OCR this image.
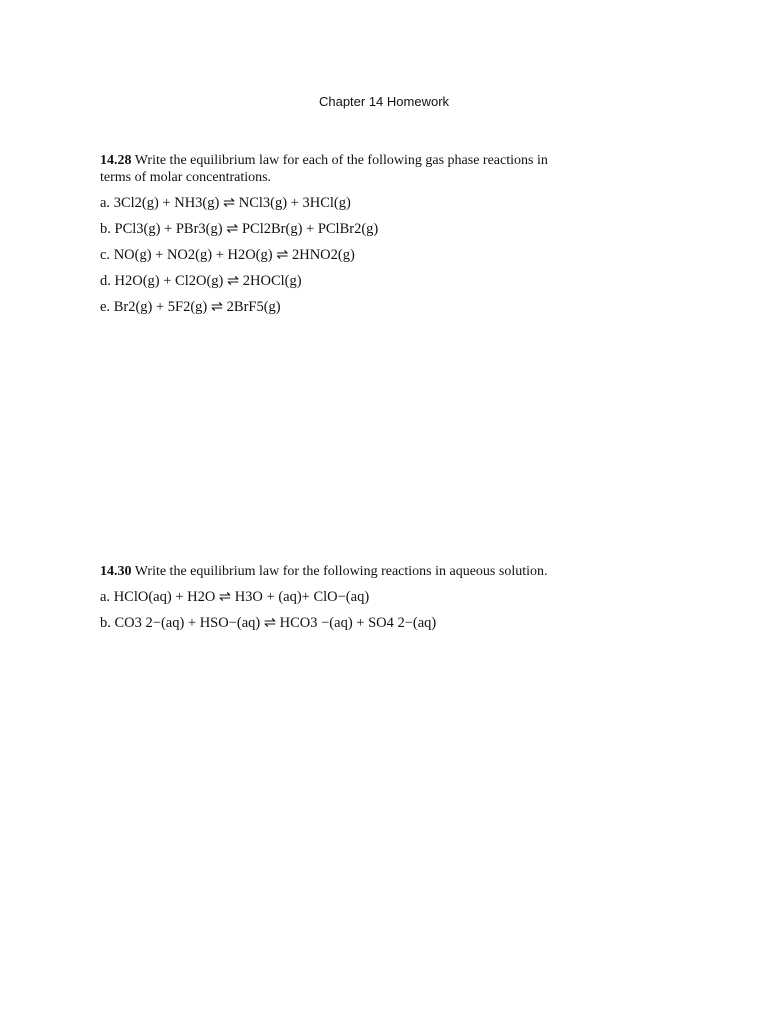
Chapter 14 Homework

14.28 Write the equilibrium law for each of the following gas phase reactions in terms of molar concentrations.

a. 3Cl2(g) + NH3(g) ⇌ NCl3(g) + 3HCl(g)
b. PCl3(g) + PBr3(g) ⇌ PCl2Br(g) + PClBr2(g)
c. NO(g) + NO2(g) + H2O(g) ⇌ 2HNO2(g)
d. H2O(g) + Cl2O(g) ⇌ 2HOCl(g)
e. Br2(g) + 5F2(g) ⇌ 2BrF5(g)

14.30 Write the equilibrium law for the following reactions in aqueous solution.

a. HClO(aq) + H2O ⇌ H3O + (aq)+ ClO−(aq)
b. CO3 2−(aq) + HSO−(aq) ⇌ HCO3 −(aq) + SO4 2−(aq)
